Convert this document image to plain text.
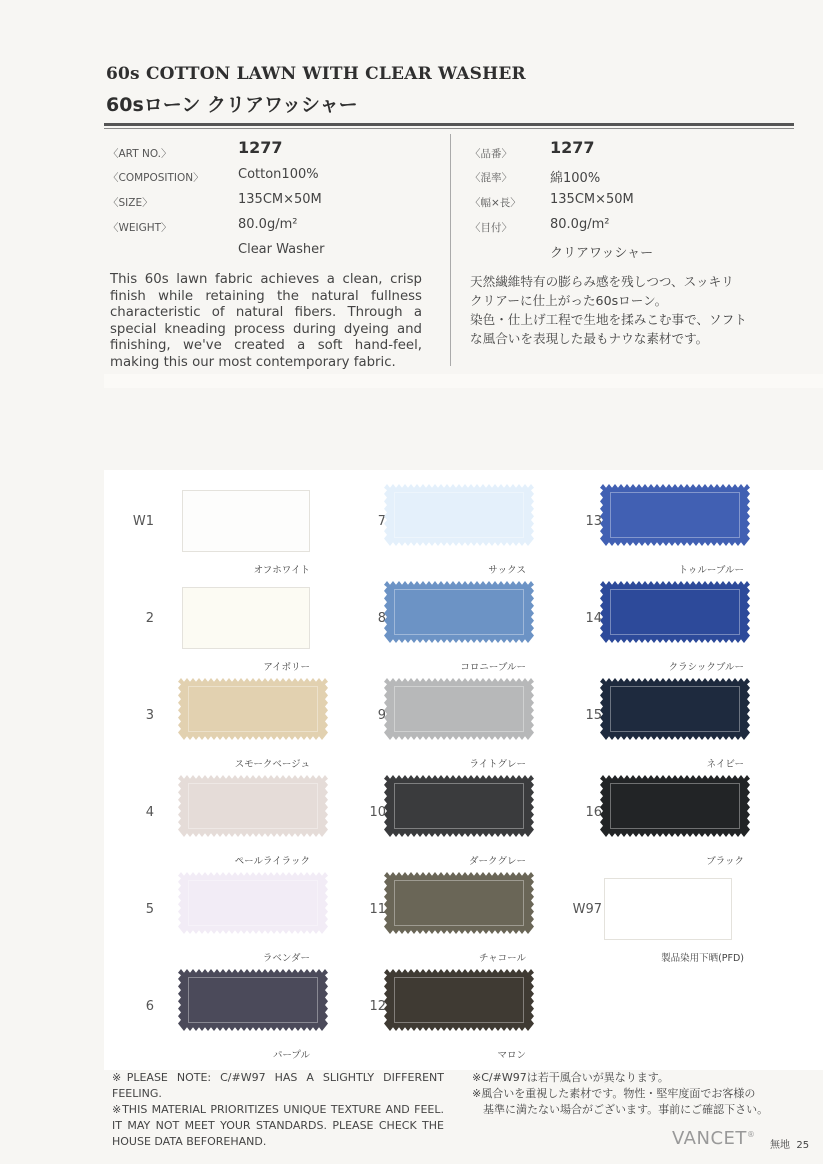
60s COTTON LAWN WITH CLEAR WASHER
60sローン クリアワッシャー
〈ART NO.〉	1277
〈COMPOSITION〉	Cotton100%
〈SIZE〉	135CM×50M
〈WEIGHT〉	80.0g/m²
Clear Washer
〈品番〉 1277
〈混率〉	綿100%
〈幅×長〉 135CM×50M
〈目付〉	80.0g/m²
クリアワッシャー
This 60s lawn fabric achieves a clean, crisp finish while retaining the natural fullness characteristic of natural fibers. Through a special kneading process during dyeing and finishing, we've created a soft hand-feel, making this our most contemporary fabric.
天然繊維特有の膨らみ感を残しつつ、スッキリ
クリアーに仕上がった60sローン。
染色・仕上げ工程で生地を揉みこむ事で、ソフト
な風合いを表現した最もナウな素材です。
W1
オフホワイト
2
アイボリー
3
スモークベージュ
4
ペールライラック
5
ラベンダー
6
パープル
7
サックス
8
コロニーブルー
9
ライトグレー
10
ダークグレー
11
チャコール
12
マロン
13
トゥルーブルー
14
クラシックブルー
15
ネイビー
16
ブラック
W97
製品染用下晒(PFD)
※PLEASE NOTE: C/#W97 HAS A SLIGHTLY DIFFERENT FEELING.
※THIS MATERIAL PRIORITIZES UNIQUE TEXTURE AND FEEL. IT MAY NOT MEET YOUR STANDARDS. PLEASE CHECK THE HOUSE DATA BEFOREHAND.
※C/#W97は若干風合いが異なります。
※風合いを重視した素材です。物性・堅牢度面でお客様の
基準に満たない場合がございます。事前にご確認下さい。
VANCET®
無地 25
